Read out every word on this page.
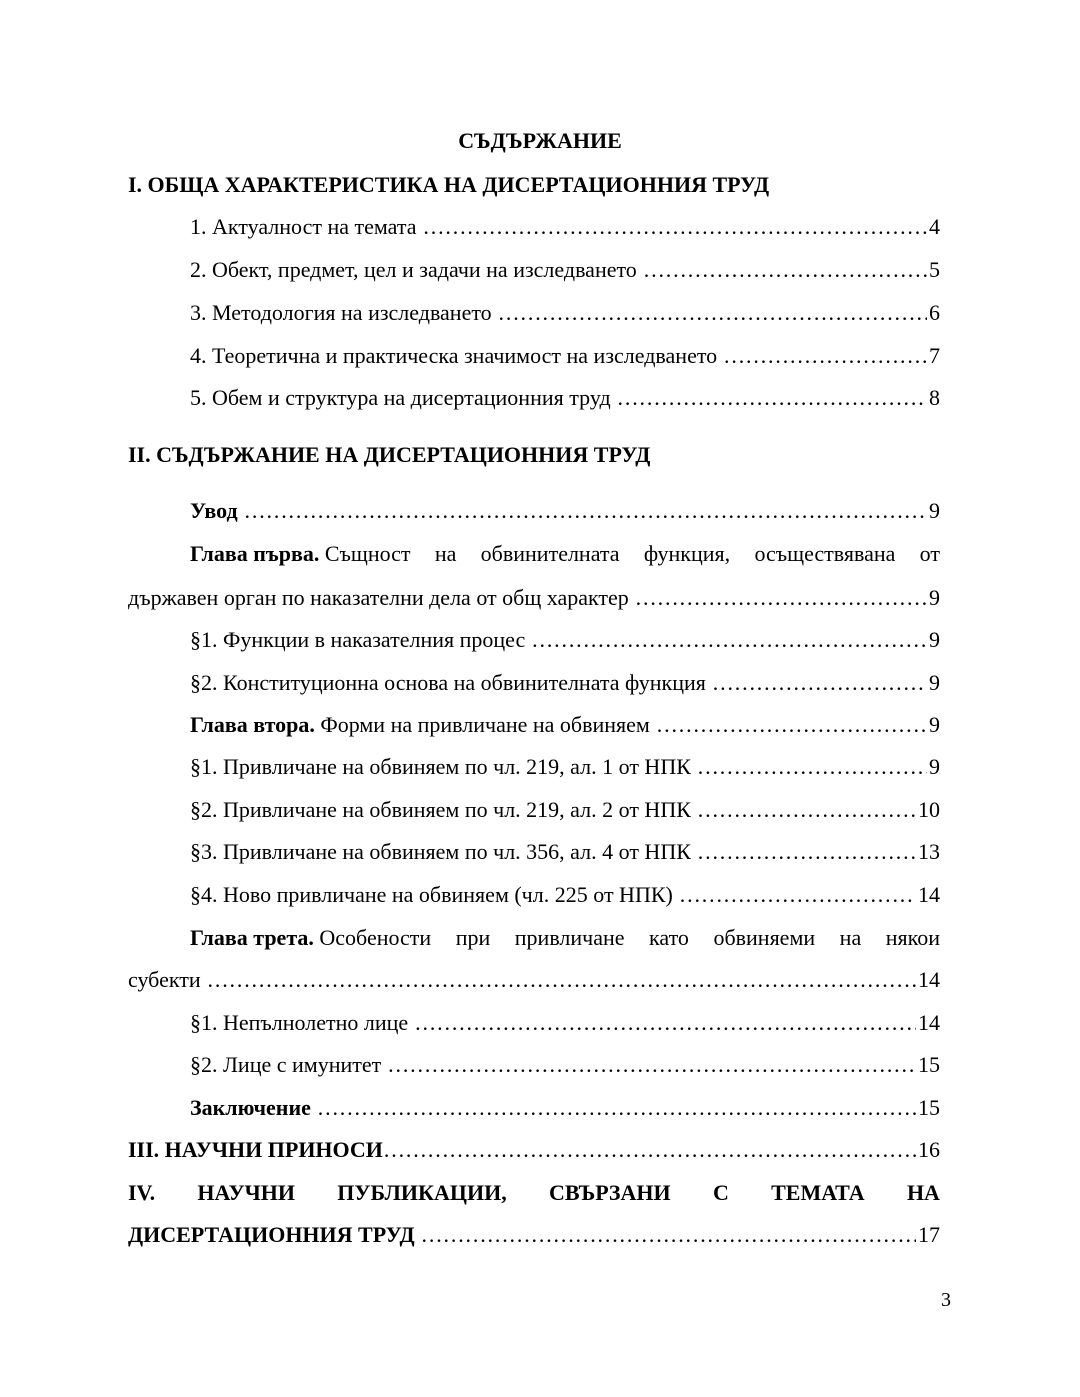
СЪДЪРЖАНИЕ
I. ОБЩА ХАРАКТЕРИСТИКА НА ДИСЕРТАЦИОННИЯ ТРУД
1. Актуалност на темата ………………………………………………………………………………………………………………………………………………………………………………	4
2. Обект, предмет, цел и задачи на изследването ………………………………………………………………………………………………………………………………………………………………………………	5
3. Методология на изследването ………………………………………………………………………………………………………………………………………………………………………………	6
4. Теоретична и практическа значимост на изследването ………………………………………………………………………………………………………………………………………………………………………………	7
5. Обем и структура на дисертационния труд ………………………………………………………………………………………………………………………………………………………………………………	8
II. СЪДЪРЖАНИЕ НА ДИСЕРТАЦИОННИЯ ТРУД
Увод ………………………………………………………………………………………………………………………………………………………………………………	9
Глава първа. Същност на обвинителната функция, осъществявана от
държавен орган по наказателни дела от общ характер ………………………………………………………………………………………………………………………………………………………………………………	9
§1. Функции в наказателния процес ………………………………………………………………………………………………………………………………………………………………………………	9
§2. Конституционна основа на обвинителната функция ………………………………………………………………………………………………………………………………………………………………………………	9
Глава втора. Форми на привличане на обвиняем ………………………………………………………………………………………………………………………………………………………………………………	9
§1. Привличане на обвиняем по чл. 219, ал. 1 от НПК ………………………………………………………………………………………………………………………………………………………………………………	9
§2. Привличане на обвиняем по чл. 219, ал. 2 от НПК ………………………………………………………………………………………………………………………………………………………………………………	10
§3. Привличане на обвиняем по чл. 356, ал. 4 от НПК ………………………………………………………………………………………………………………………………………………………………………………	13
§4. Ново привличане на обвиняем (чл. 225 от НПК) ………………………………………………………………………………………………………………………………………………………………………………	14
Глава трета. Особености при привличане като обвиняеми на някои
субекти ………………………………………………………………………………………………………………………………………………………………………………	14
§1. Непълнолетно лице ………………………………………………………………………………………………………………………………………………………………………………	14
§2. Лице с имунитет ………………………………………………………………………………………………………………………………………………………………………………	15
Заключение ………………………………………………………………………………………………………………………………………………………………………………	15
III. НАУЧНИ ПРИНОСИ ………………………………………………………………………………………………………………………………………………………………………………	16
IV. НАУЧНИ ПУБЛИКАЦИИ, СВЪРЗАНИ С ТЕМАТА НА
ДИСЕРТАЦИОННИЯ ТРУД ………………………………………………………………………………………………………………………………………………………………………………	17
3
